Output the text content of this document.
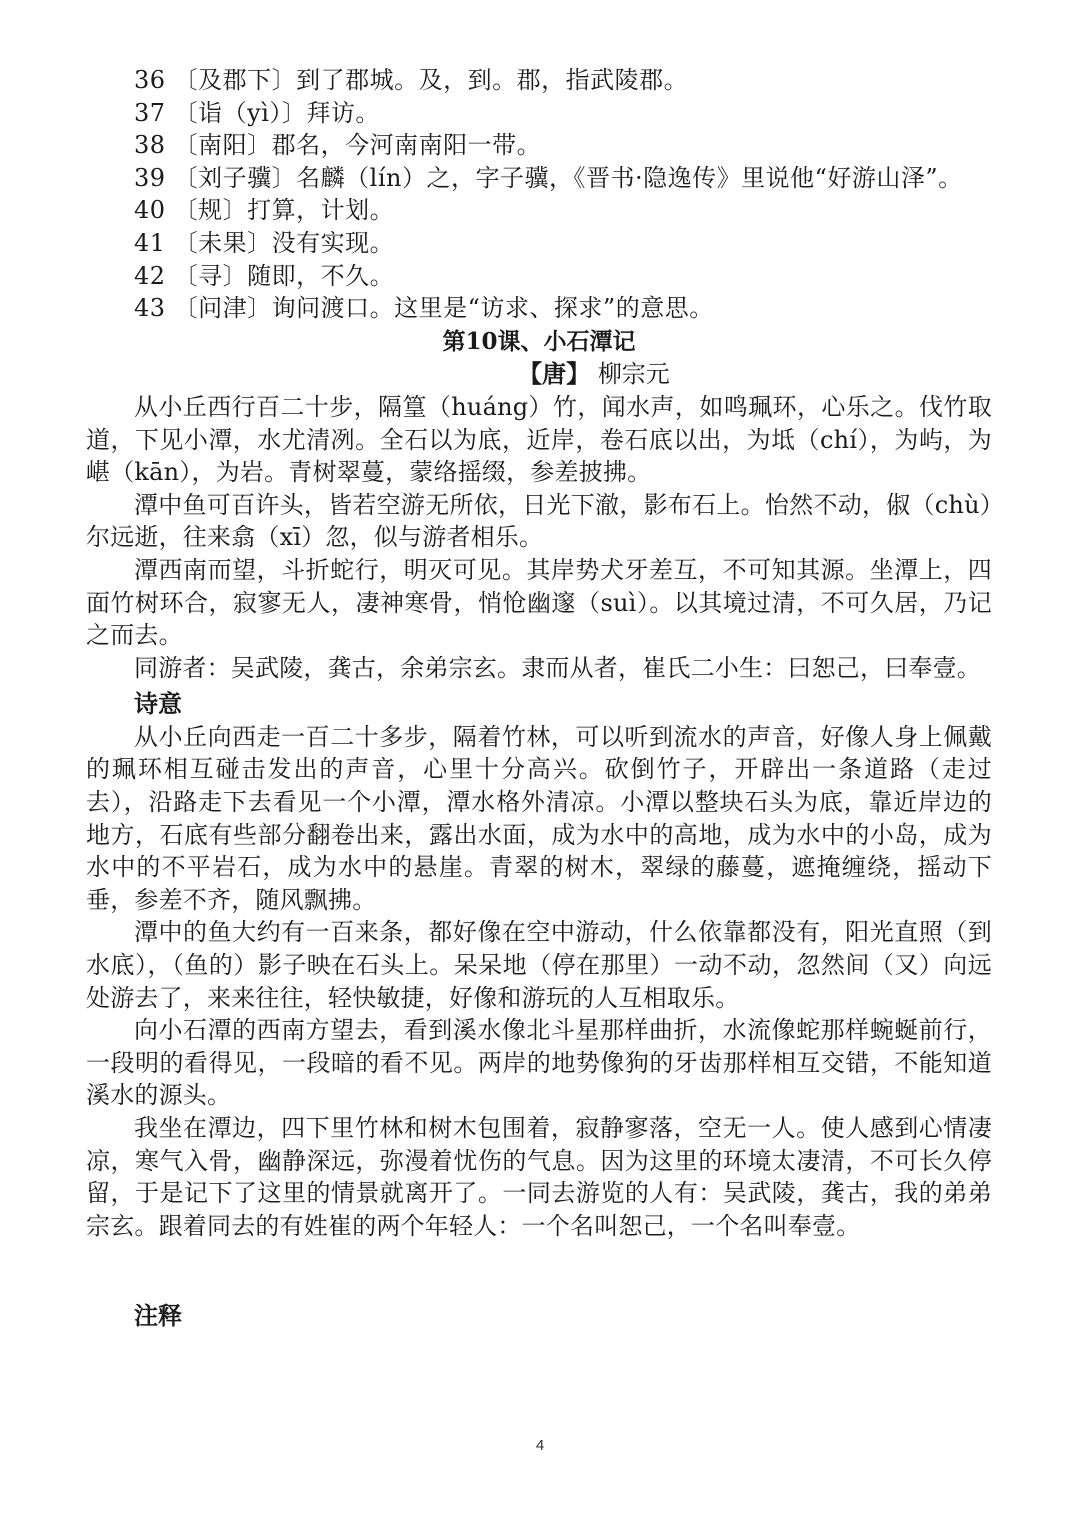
36 〔及郡下〕到了郡城。及，到。郡，指武陵郡。

37 〔诣（yì）〕拜访。

38 〔南阳〕郡名，今河南南阳一带。

39 〔刘子骥〕名麟（lín）之，字子骥，《晋书·隐逸传》里说他“好游山泽”。

40 〔规〕打算，计划。

41 〔未果〕没有实现。

42 〔寻〕随即，不久。

43 〔问津〕询问渡口。这里是“访求、探求”的意思。

第10课、小石潭记

【唐】 柳宗元

从小丘西行百二十步，隔篁（huáng）竹，闻水声，如鸣珮环，心乐之。伐竹取道，下见小潭，水尤清冽。全石以为底，近岸，卷石底以出，为坻（chí），为屿，为嵁（kān），为岩。青树翠蔓，蒙络摇缀，参差披拂。

潭中鱼可百许头，皆若空游无所依，日光下澈，影布石上。怡然不动，俶（chù）尔远逝，往来翕（xī）忽，似与游者相乐。

潭西南而望，斗折蛇行，明灭可见。其岸势犬牙差互，不可知其源。坐潭上，四面竹树环合，寂寥无人，凄神寒骨，悄怆幽邃（suì）。以其境过清，不可久居，乃记之而去。

同游者：吴武陵，龚古，余弟宗玄。隶而从者，崔氏二小生：曰恕己，曰奉壹。

诗意

从小丘向西走一百二十多步，隔着竹林，可以听到流水的声音，好像人身上佩戴的珮环相互碰击发出的声音，心里十分高兴。砍倒竹子，开辟出一条道路（走过去），沿路走下去看见一个小潭，潭水格外清凉。小潭以整块石头为底，靠近岸边的地方，石底有些部分翻卷出来，露出水面，成为水中的高地，成为水中的小岛，成为水中的不平岩石，成为水中的悬崖。青翠的树木，翠绿的藤蔓，遮掩缠绕，摇动下垂，参差不齐，随风飘拂。

潭中的鱼大约有一百来条，都好像在空中游动，什么依靠都没有，阳光直照（到水底），（鱼的）影子映在石头上。呆呆地（停在那里）一动不动，忽然间（又）向远处游去了，来来往往，轻快敏捷，好像和游玩的人互相取乐。

向小石潭的西南方望去，看到溪水像北斗星那样曲折，水流像蛇那样蜿蜒前行，一段明的看得见，一段暗的看不见。两岸的地势像狗的牙齿那样相互交错，不能知道溪水的源头。

我坐在潭边，四下里竹林和树木包围着，寂静寥落，空无一人。使人感到心情凄凉，寒气入骨，幽静深远，弥漫着忧伤的气息。因为这里的环境太凄清，不可长久停留，于是记下了这里的情景就离开了。一同去游览的人有：吴武陵，龚古，我的弟弟宗玄。跟着同去的有姓崔的两个年轻人：一个名叫恕己，一个名叫奉壹。

注释

4
